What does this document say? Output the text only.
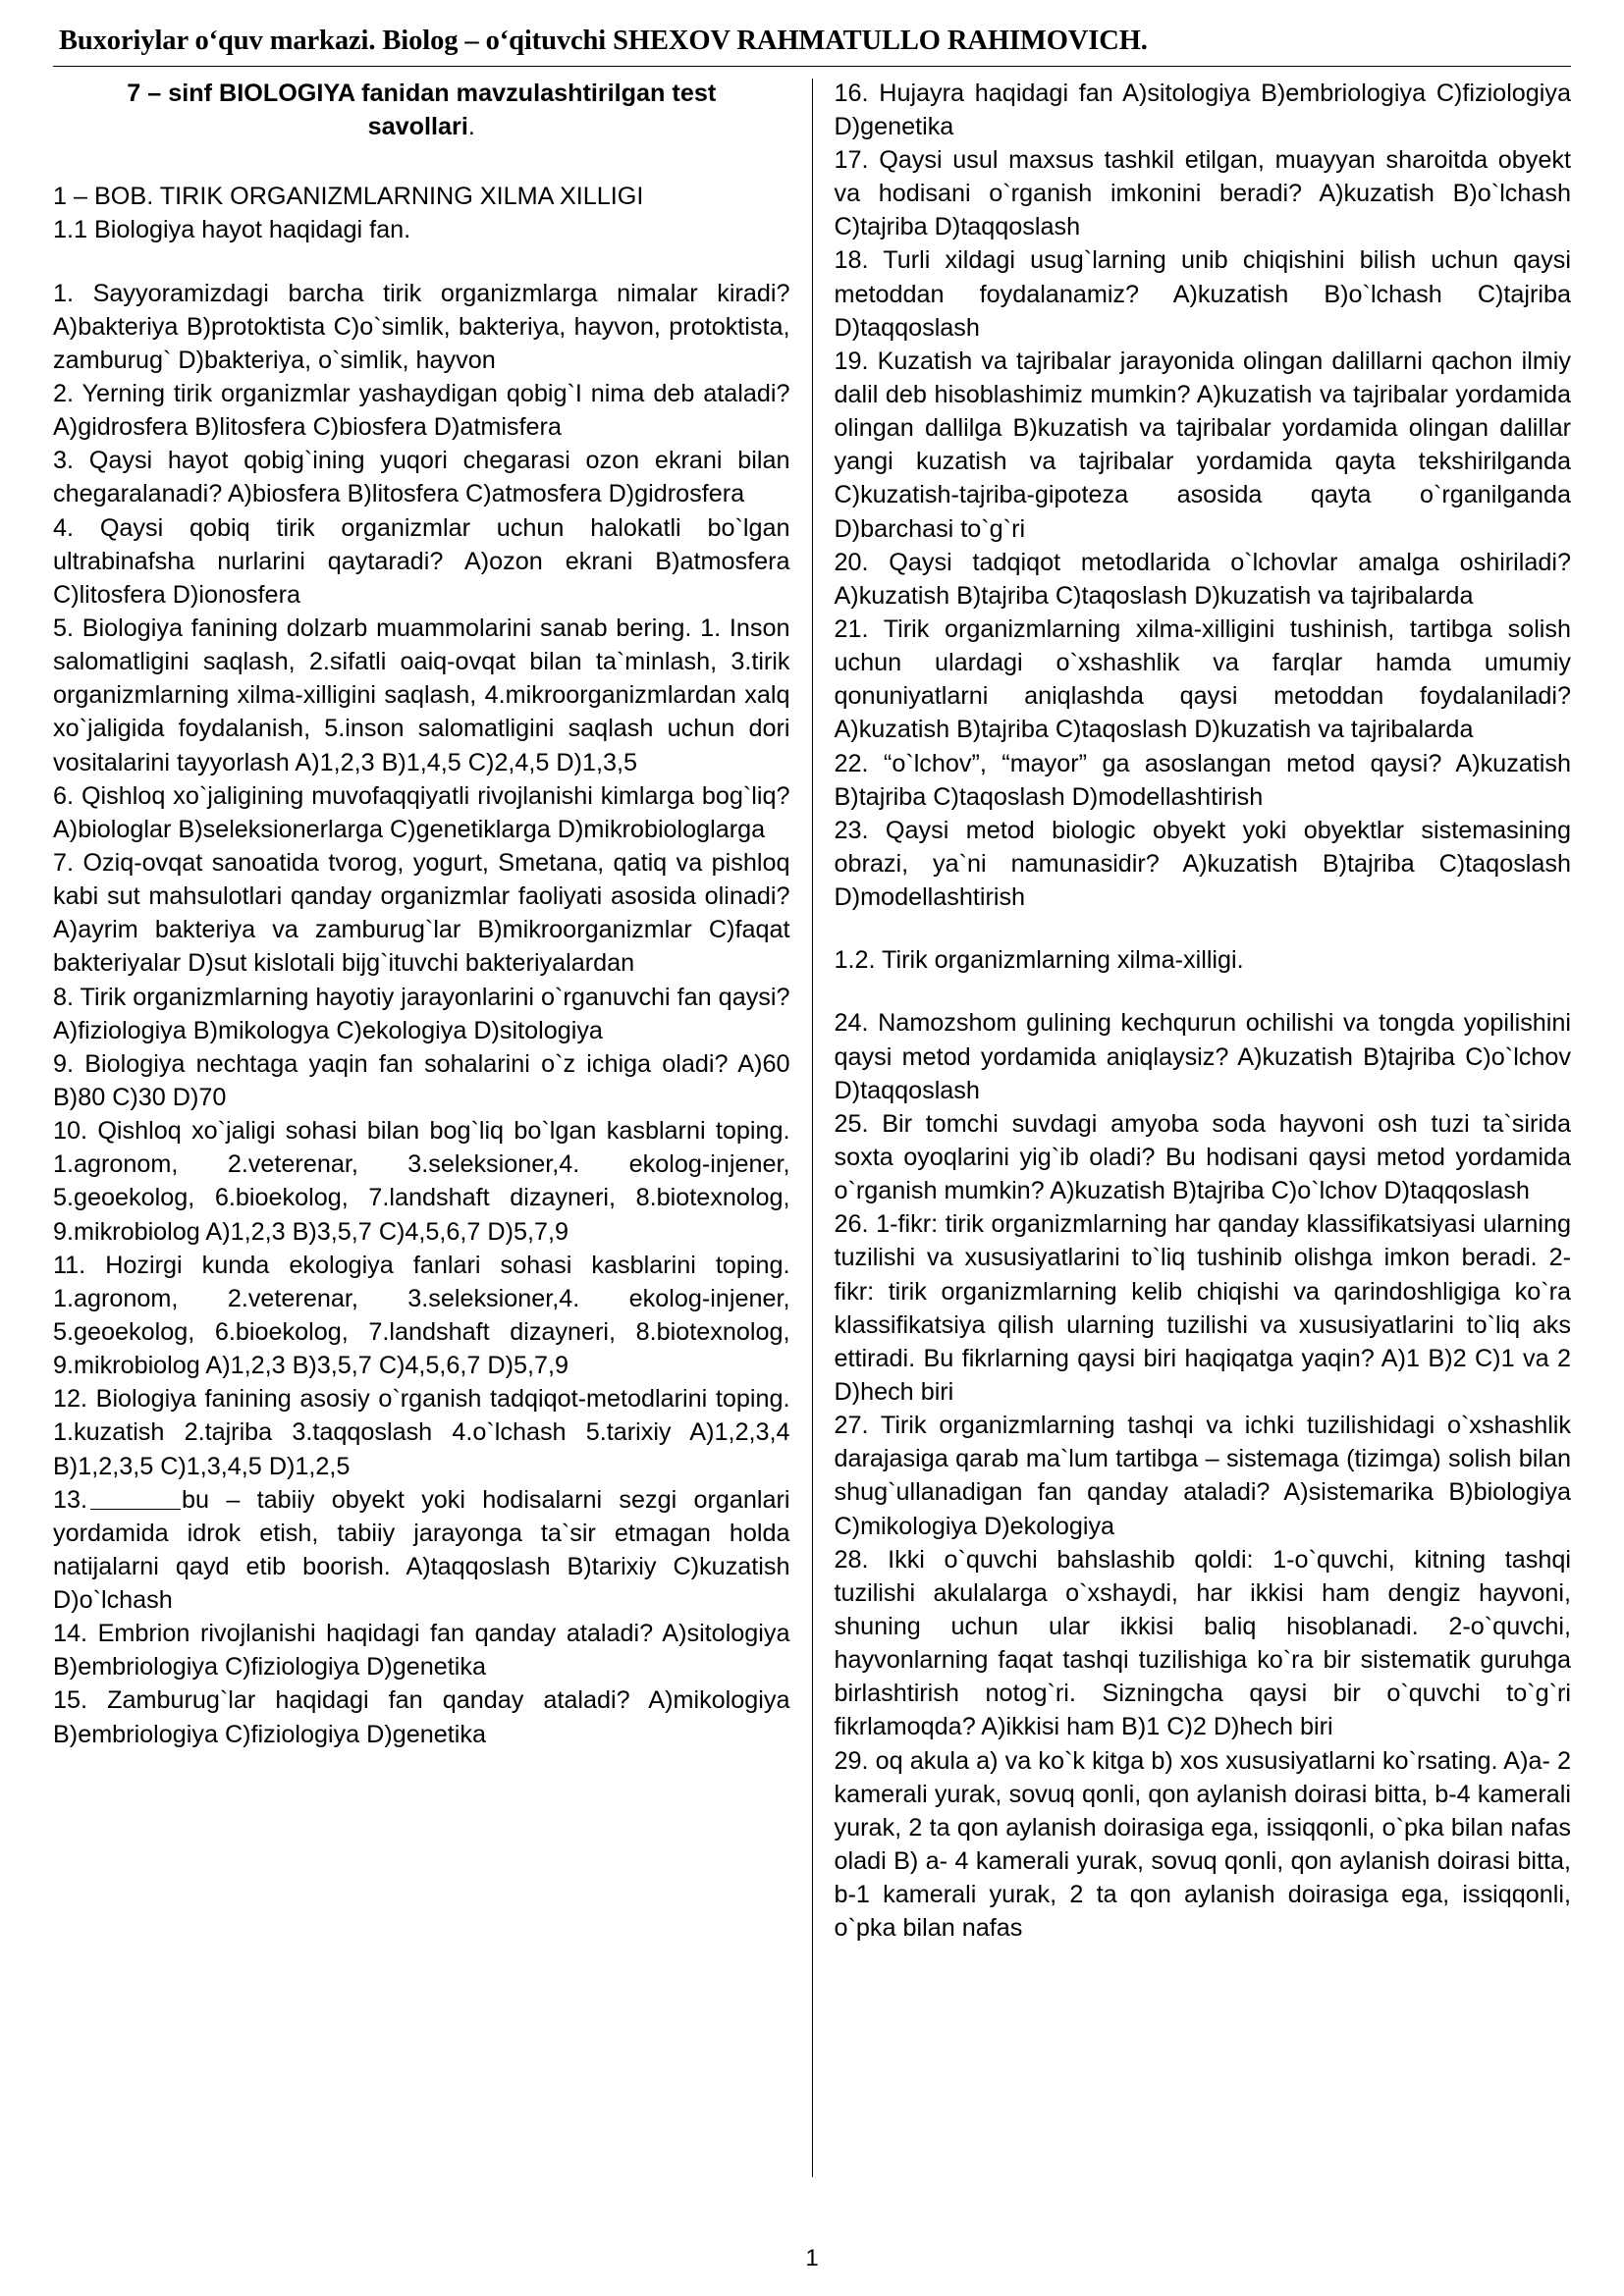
Buxoriylar o‘quv markazi. Biolog – o‘qituvchi SHEXOV RAHMATULLO RAHIMOVICH.
7 – sinf BIOLOGIYA fanidan mavzulashtirilgan test
savollari.

1 – BOB. TIRIK ORGANIZMLARNING XILMA XILLIGI

1.1 Biologiya hayot haqidagi fan.

1. Sayyoramizdagi barcha tirik organizmlarga nimalar kiradi? A)bakteriya B)protoktista C)o`simlik, bakteriya, hayvon, protoktista, zamburug` D)bakteriya, o`simlik, hayvon

2. Yerning tirik organizmlar yashaydigan qobig`I nima deb ataladi? A)gidrosfera B)litosfera C)biosfera D)atmisfera

3. Qaysi hayot qobig`ining yuqori chegarasi ozon ekrani bilan chegaralanadi? A)biosfera B)litosfera C)atmosfera D)gidrosfera

4. Qaysi qobiq tirik organizmlar uchun halokatli bo`lgan ultrabinafsha nurlarini qaytaradi? A)ozon ekrani B)atmosfera C)litosfera D)ionosfera

5. Biologiya fanining dolzarb muammolarini sanab bering. 1. Inson salomatligini saqlash, 2.sifatli oaiq-ovqat bilan ta`minlash, 3.tirik organizmlarning xilma-xilligini saqlash, 4.mikroorganizmlardan xalq xo`jaligida foydalanish, 5.inson salomatligini saqlash uchun dori vositalarini tayyorlash A)1,2,3 B)1,4,5 C)2,4,5 D)1,3,5

6. Qishloq xo`jaligining muvofaqqiyatli rivojlanishi kimlarga bog`liq? A)biologlar B)seleksionerlarga C)genetiklarga D)mikrobiologlarga

7. Oziq-ovqat sanoatida tvorog, yogurt, Smetana, qatiq va pishloq kabi sut mahsulotlari qanday organizmlar faoliyati asosida olinadi? A)ayrim bakteriya va zamburug`lar B)mikroorganizmlar C)faqat bakteriyalar D)sut kislotali bijg`ituvchi bakteriyalardan

8. Tirik organizmlarning hayotiy jarayonlarini o`rganuvchi fan qaysi?A)fiziologiya B)mikologya C)ekologiya D)sitologiya

9. Biologiya nechtaga yaqin fan sohalarini o`z ichiga oladi? A)60 B)80 C)30 D)70

10. Qishloq xo`jaligi sohasi bilan bog`liq bo`lgan kasblarni toping. 1.agronom, 2.veterenar, 3.seleksioner,4. ekolog-injener, 5.geoekolog, 6.bioekolog, 7.landshaft dizayneri, 8.biotexnolog, 9.mikrobiolog A)1,2,3 B)3,5,7 C)4,5,6,7 D)5,7,9

11. Hozirgi kunda ekologiya fanlari sohasi kasblarini toping. 1.agronom, 2.veterenar, 3.seleksioner,4. ekolog-injener, 5.geoekolog, 6.bioekolog, 7.landshaft dizayneri, 8.biotexnolog, 9.mikrobiolog A)1,2,3 B)3,5,7 C)4,5,6,7 D)5,7,9

12. Biologiya fanining asosiy o`rganish tadqiqot-metodlarini toping. 1.kuzatish 2.tajriba 3.taqqoslash 4.o`lchash 5.tarixiy A)1,2,3,4 B)1,2,3,5 C)1,3,4,5 D)1,2,5

13.	bu – tabiiy obyekt yoki hodisalarni sezgi organlari yordamida idrok etish, tabiiy jarayonga ta`sir etmagan holda natijalarni qayd etib boorish. A)taqqoslash B)tarixiy C)kuzatish D)o`lchash

14. Embrion rivojlanishi haqidagi fan qanday ataladi? A)sitologiya B)embriologiya C)fiziologiya D)genetika

15. Zamburug`lar haqidagi fan qanday ataladi? A)mikologiya B)embriologiya C)fiziologiya D)genetika

16. Hujayra haqidagi fan A)sitologiya B)embriologiya C)fiziologiya D)genetika

17. Qaysi usul maxsus tashkil etilgan, muayyan sharoitda obyekt va hodisani o`rganish imkonini beradi? A)kuzatish B)o`lchash C)tajriba D)taqqoslash

18. Turli xildagi usug`larning unib chiqishini bilish uchun qaysi metoddan foydalanamiz? A)kuzatish B)o`lchash C)tajriba D)taqqoslash

19. Kuzatish va tajribalar jarayonida olingan dalillarni qachon ilmiy dalil deb hisoblashimiz mumkin? A)kuzatish va tajribalar yordamida olingan dallilga B)kuzatish va tajribalar yordamida olingan dalillar yangi kuzatish va tajribalar yordamida qayta tekshirilganda C)kuzatish-tajriba-gipoteza asosida qayta o`rganilganda D)barchasi to`g`ri

20. Qaysi tadqiqot metodlarida o`lchovlar amalga oshiriladi? A)kuzatish B)tajriba C)taqoslash D)kuzatish va tajribalarda

21. Tirik organizmlarning xilma-xilligini tushinish, tartibga solish uchun ulardagi o`xshashlik va farqlar hamda umumiy qonuniyatlarni aniqlashda qaysi metoddan foydalaniladi? A)kuzatish B)tajriba C)taqoslash D)kuzatish va tajribalarda

22. “o`lchov”, “mayor” ga asoslangan metod qaysi? A)kuzatish B)tajriba C)taqoslash D)modellashtirish

23. Qaysi metod biologic obyekt yoki obyektlar sistemasining obrazi, ya`ni namunasidir? A)kuzatish B)tajriba C)taqoslash D)modellashtirish

1.2. Tirik organizmlarning xilma-xilligi.

24. Namozshom gulining kechqurun ochilishi va tongda yopilishini qaysi metod yordamida aniqlaysiz? A)kuzatish B)tajriba C)o`lchov D)taqqoslash

25. Bir tomchi suvdagi amyoba soda hayvoni osh tuzi ta`sirida soxta oyoqlarini yig`ib oladi? Bu hodisani qaysi metod yordamida o`rganish mumkin? A)kuzatish B)tajriba C)o`lchov D)taqqoslash

26. 1-fikr: tirik organizmlarning har qanday klassifikatsiyasi ularning tuzilishi va xususiyatlarini to`liq tushinib olishga imkon beradi. 2-fikr: tirik organizmlarning kelib chiqishi va qarindoshligiga ko`ra klassifikatsiya qilish ularning tuzilishi va xususiyatlarini to`liq aks ettiradi. Bu fikrlarning qaysi biri haqiqatga yaqin? A)1 B)2 C)1 va 2 D)hech biri

27. Tirik organizmlarning tashqi va ichki tuzilishidagi o`xshashlik darajasiga qarab ma`lum tartibga – sistemaga (tizimga) solish bilan shug`ullanadigan fan qanday ataladi? A)sistemarika B)biologiya C)mikologiya D)ekologiya

28. Ikki o`quvchi bahslashib qoldi: 1-o`quvchi, kitning tashqi tuzilishi akulalarga o`xshaydi, har ikkisi ham dengiz hayvoni, shuning uchun ular ikkisi baliq hisoblanadi. 2-o`quvchi, hayvonlarning faqat tashqi tuzilishiga ko`ra bir sistematik guruhga birlashtirish notog`ri. Sizningcha qaysi bir o`quvchi to`g`ri fikrlamoqda? A)ikkisi ham B)1 C)2 D)hech biri

29. oq akula a) va ko`k kitga b) xos xususiyatlarni ko`rsating. A)a- 2 kamerali yurak, sovuq qonli, qon aylanish doirasi bitta, b-4 kamerali yurak, 2 ta qon aylanish doirasiga ega, issiqqonli, o`pka bilan nafas oladi B) a- 4 kamerali yurak, sovuq qonli, qon aylanish doirasi bitta, b-1 kamerali yurak, 2 ta qon aylanish doirasiga ega, issiqqonli, o`pka bilan nafas

1
